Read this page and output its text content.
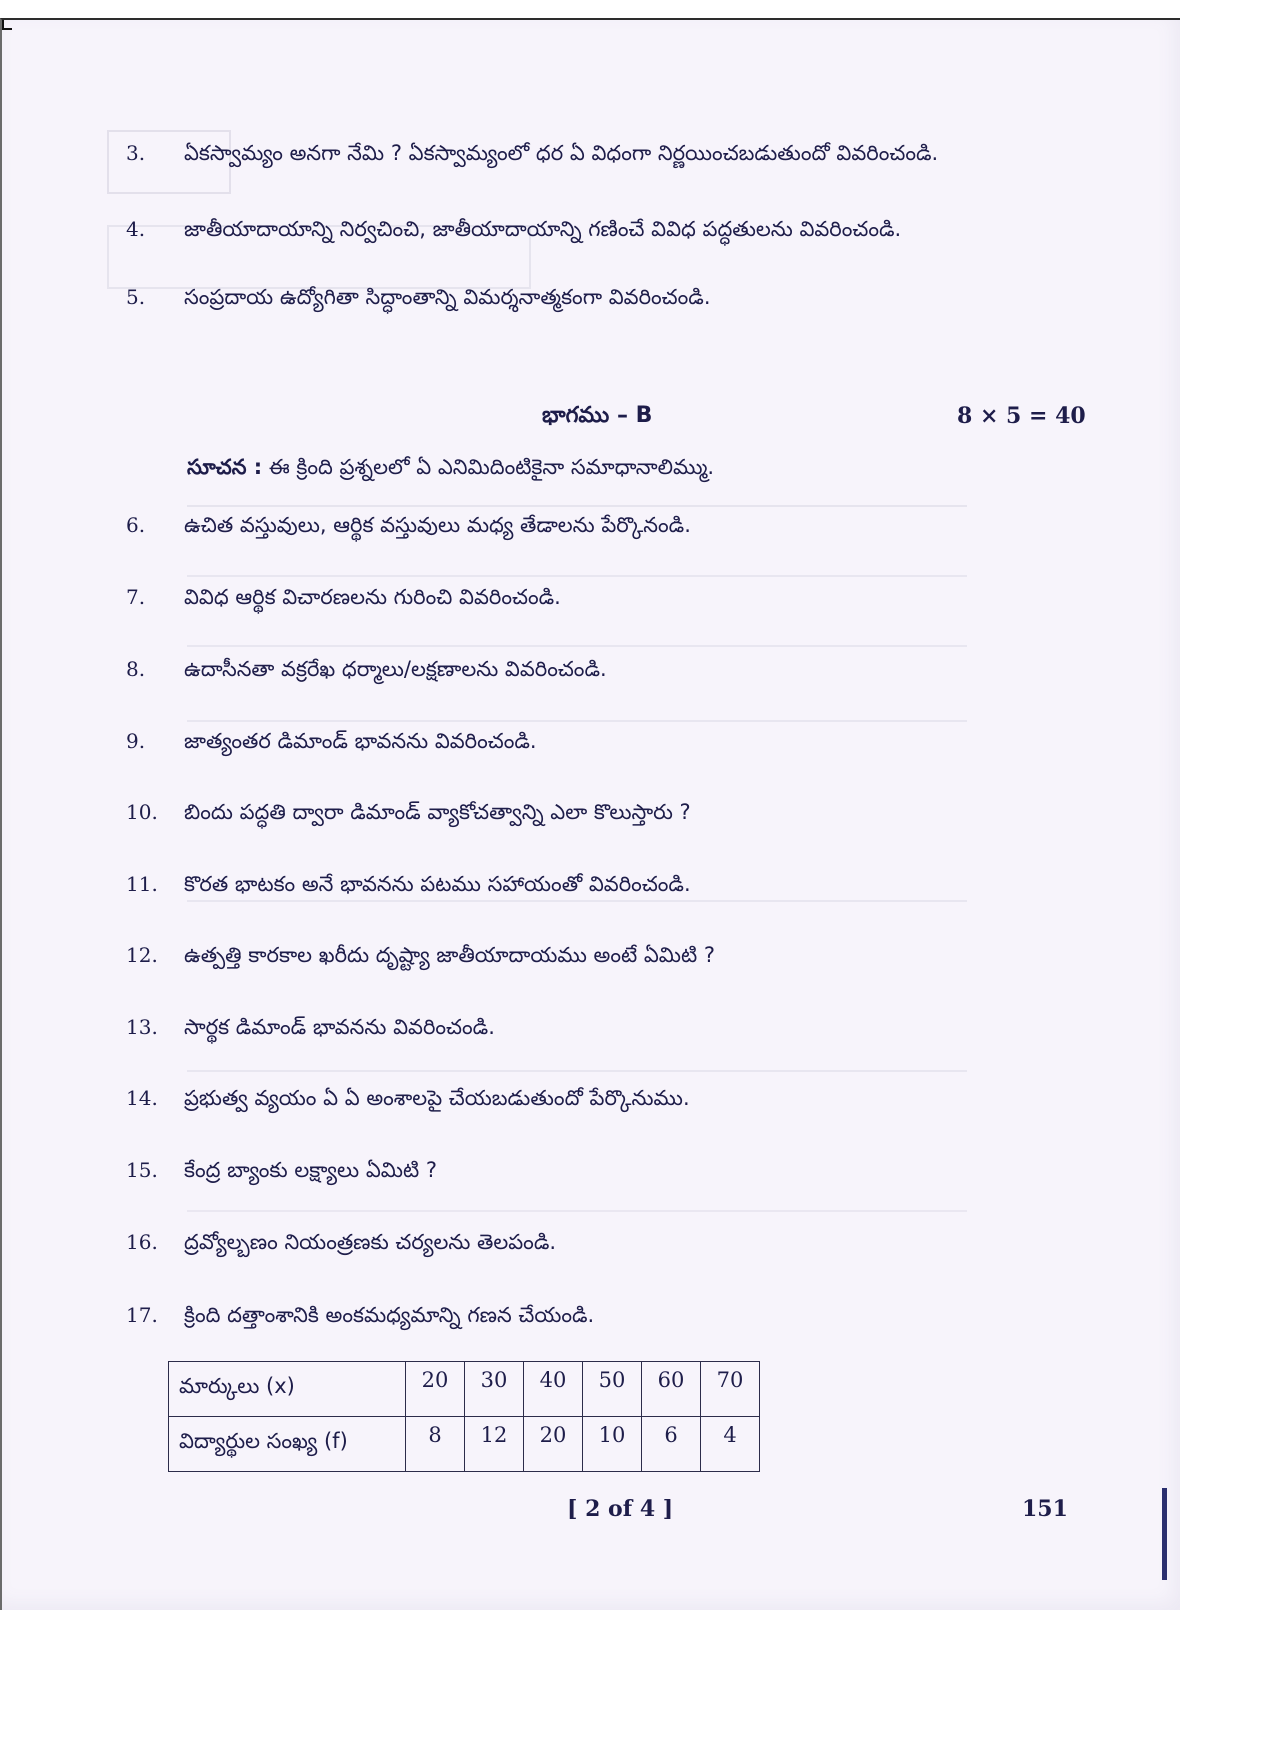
3. ఏకస్వామ్యం అనగా నేమి ? ఏకస్వామ్యంలో ధర ఏ విధంగా నిర్ణయించబడుతుందో వివరించండి.
4. జాతీయాదాయాన్ని నిర్వచించి, జాతీయాదాయాన్ని గణించే వివిధ పద్ధతులను వివరించండి.
5. సంప్రదాయ ఉద్యోగితా సిద్ధాంతాన్ని విమర్శనాత్మకంగా వివరించండి.
భాగము – B	8 × 5 = 40
సూచన : ఈ క్రింది ప్రశ్నలలో ఏ ఎనిమిదింటికైనా సమాధానాలిమ్ము.
6. ఉచిత వస్తువులు, ఆర్థిక వస్తువులు మధ్య తేడాలను పేర్కొనండి.
7. వివిధ ఆర్థిక విచారణలను గురించి వివరించండి.
8. ఉదాసీనతా వక్రరేఖ ధర్మాలు/లక్షణాలను వివరించండి.
9. జాత్యంతర డిమాండ్ భావనను వివరించండి.
10. బిందు పద్ధతి ద్వారా డిమాండ్ వ్యాకోచత్వాన్ని ఎలా కొలుస్తారు ?
11. కొరత భాటకం అనే భావనను పటము సహాయంతో వివరించండి.
12. ఉత్పత్తి కారకాల ఖరీదు దృష్ట్యా జాతీయాదాయము అంటే ఏమిటి ?
13. సార్థక డిమాండ్ భావనను వివరించండి.
14. ప్రభుత్వ వ్యయం ఏ ఏ అంశాలపై చేయబడుతుందో పేర్కొనుము.
15. కేంద్ర బ్యాంకు లక్ష్యాలు ఏమిటి ?
16. ద్రవ్యోల్బణం నియంత్రణకు చర్యలను తెలపండి.
17. క్రింది దత్తాంశానికి అంకమధ్యమాన్ని గణన చేయండి.
మార్కులు (x)	20	30	40	50	60	70
విద్యార్థుల సంఖ్య (f)	8	12	20	10	6	4
[ 2 of 4 ]	151
